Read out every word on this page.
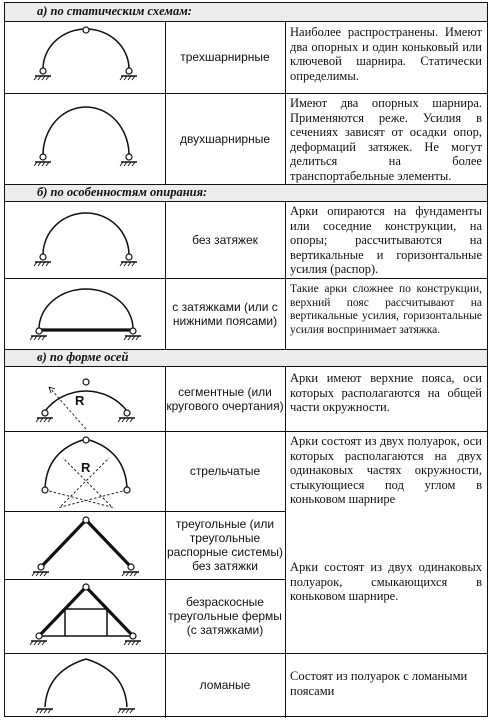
а) по статическим схемам:
б) по особенностям опирания:
в) по форме осей
трехшарнирные
Наиболее распространены. Имеют два опорных и один коньковый или ключевой шарнира. Статически определимы.
двухшарнирные
Имеют два опорных шарнира. Применяются реже. Усилия в сечениях зависят от осадки опор, деформаций затяжек. Не могут делиться на более транспортабельные элементы.
без затяжек
Арки опираются на фундаменты или соседние конструкции, на опоры; рассчитываются на вертикальные и горизонтальные усилия (распор).
с затяжками (или с нижними поясами)
Такие арки сложнее по конструкции, верхний пояс рассчитывают на вертикальные усилия, горизонтальные усилия воспринимает затяжка.
R
сегментные (или кругового очертания)
Арки имеют верхние пояса, оси которых располагаются на общей части окружности.
R	стрельчатые
Арки состоят из двух полуарок, оси которых располагаются на двух одинаковых частях окружности, стыкующиеся под углом в коньковом шарнире
треугольные (или треугольные распорные системы) без затяжки
безраскосные треугольные фермы (с затяжками)
Арки состоят из двух одинаковых полуарок, смыкающихся в коньковом шарнире.
ломаные
Состоят из полуарок с ломаными поясами
